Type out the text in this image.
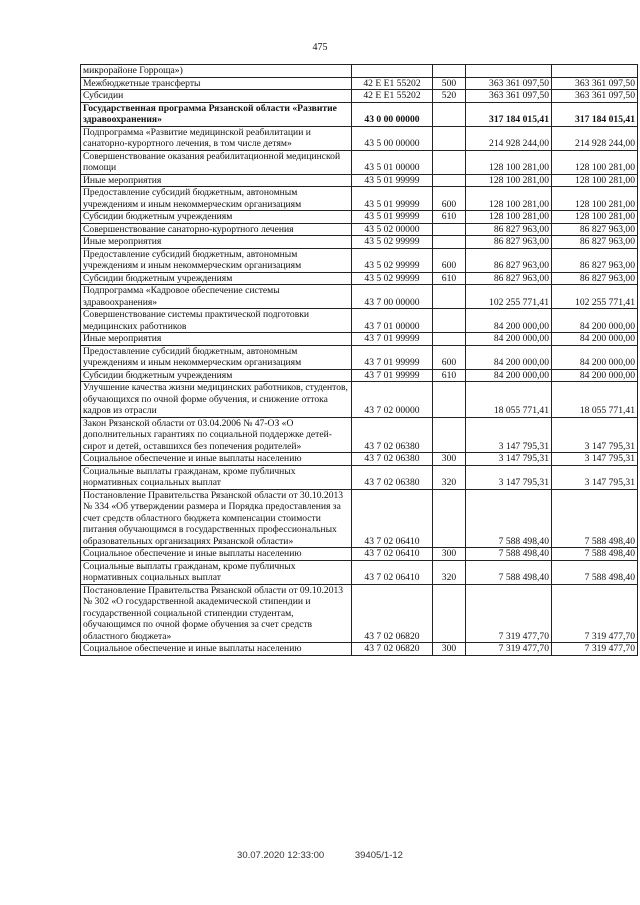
475
микрорайоне Горроща»)				
Межбюджетные трансферты	42 Е Е1 55202	500	363 361 097,50	363 361 097,50
Субсидии	42 Е Е1 55202	520	363 361 097,50	363 361 097,50
Государственная программа Рязанской области «Развитие здравоохранения»	43 0 00 00000		317 184 015,41	317 184 015,41
Подпрограмма «Развитие медицинской реабилитации и санаторно-курортного лечения, в том числе детям»	43 5 00 00000		214 928 244,00	214 928 244,00
Совершенствование оказания реабилитационной медицинской помощи	43 5 01 00000		128 100 281,00	128 100 281,00
Иные мероприятия	43 5 01 99999		128 100 281,00	128 100 281,00
Предоставление субсидий бюджетным, автономным учреждениям и иным некоммерческим организациям	43 5 01 99999	600	128 100 281,00	128 100 281,00
Субсидии бюджетным учреждениям	43 5 01 99999	610	128 100 281,00	128 100 281,00
Совершенствование санаторно-курортного лечения	43 5 02 00000		86 827 963,00	86 827 963,00
Иные мероприятия	43 5 02 99999		86 827 963,00	86 827 963,00
Предоставление субсидий бюджетным, автономным учреждениям и иным некоммерческим организациям	43 5 02 99999	600	86 827 963,00	86 827 963,00
Субсидии бюджетным учреждениям	43 5 02 99999	610	86 827 963,00	86 827 963,00
Подпрограмма «Кадровое обеспечение системы здравоохранения»	43 7 00 00000		102 255 771,41	102 255 771,41
Совершенствование системы практической подготовки медицинских работников	43 7 01 00000		84 200 000,00	84 200 000,00
Иные мероприятия	43 7 01 99999		84 200 000,00	84 200 000,00
Предоставление субсидий бюджетным, автономным учреждениям и иным некоммерческим организациям	43 7 01 99999	600	84 200 000,00	84 200 000,00
Субсидии бюджетным учреждениям	43 7 01 99999	610	84 200 000,00	84 200 000,00
Улучшение качества жизни медицинских работников, студентов, обучающихся по очной форме обучения, и снижение оттока кадров из отрасли	43 7 02 00000		18 055 771,41	18 055 771,41
Закон Рязанской области от 03.04.2006 № 47-ОЗ «О дополнительных гарантиях по социальной поддержке детей-сирот и детей, оставшихся без попечения родителей»	43 7 02 06380		3 147 795,31	3 147 795,31
Социальное обеспечение и иные выплаты населению	43 7 02 06380	300	3 147 795,31	3 147 795,31
Социальные выплаты гражданам, кроме публичных нормативных социальных выплат	43 7 02 06380	320	3 147 795,31	3 147 795,31
Постановление Правительства Рязанской области от 30.10.2013 № 334 «Об утверждении размера и Порядка предоставления за счет средств областного бюджета компенсации стоимости питания обучающимся в государственных профессиональных образовательных организациях Рязанской области»	43 7 02 06410		7 588 498,40	7 588 498,40
Социальное обеспечение и иные выплаты населению	43 7 02 06410	300	7 588 498,40	7 588 498,40
Социальные выплаты гражданам, кроме публичных нормативных социальных выплат	43 7 02 06410	320	7 588 498,40	7 588 498,40
Постановление Правительства Рязанской области от 09.10.2013 № 302 «О государственной академической стипендии и государственной социальной стипендии студентам, обучающимся по очной форме обучения за счет средств областного бюджета»	43 7 02 06820		7 319 477,70	7 319 477,70
Социальное обеспечение и иные выплаты населению	43 7 02 06820	300	7 319 477,70	7 319 477,70
30.07.2020 12:33:00	39405/1-12
